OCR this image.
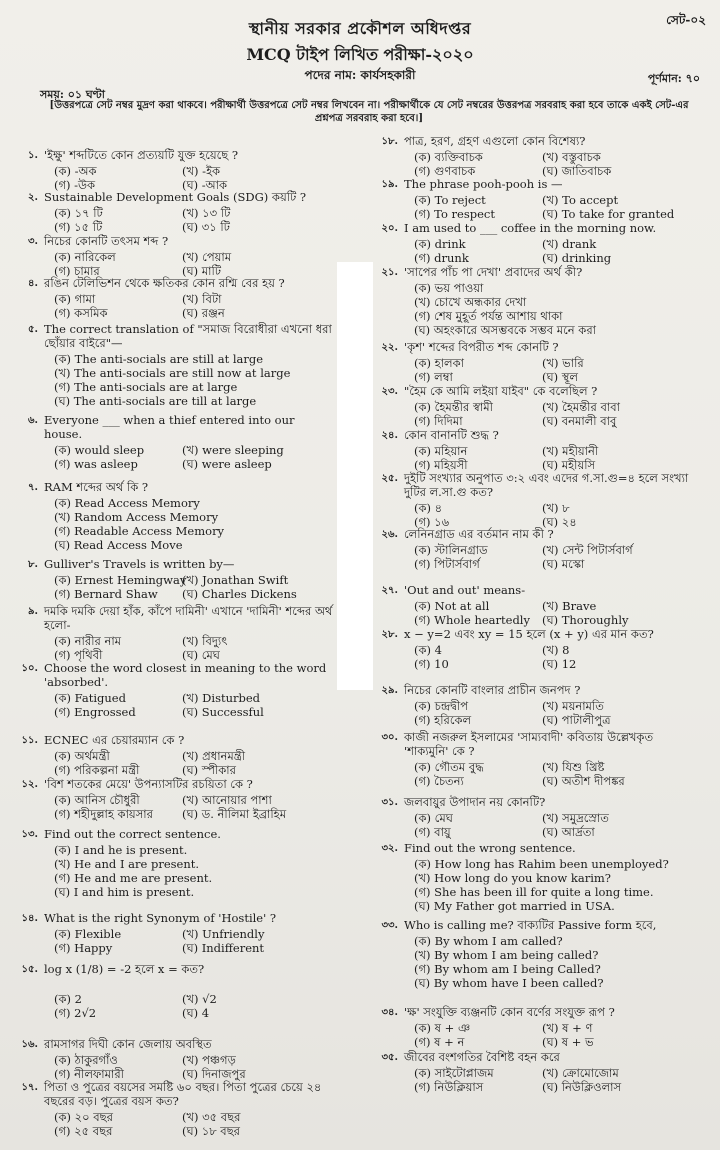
সেট-০২
স্থানীয় সরকার প্রকৌশল অধিদপ্তর
MCQ টাইপ লিখিত পরীক্ষা-২০২০
পদের নাম: কার্যসহকারী	পূর্ণমান: ৭০
সময়: ০১ ঘণ্টা
[উত্তরপত্রে সেট নম্বর মুদ্রণ করা থাকবে। পরীক্ষার্থী উত্তরপত্রে সেট নম্বর লিখবেন না। পরীক্ষার্থীকে যে সেট নম্বরের উত্তরপত্র সরবরাহ করা হবে তাকে একই সেট-এর প্রশ্নপত্র সরবরাহ করা হবে।]
১. 'ইক্ষু' শব্দটিতে কোন প্রত্যয়টি যুক্ত হয়েছে ?
(ক) -অক	(খ) -ইক
(গ) -উক	(ঘ) -আক
২. Sustainable Development Goals (SDG) কয়টি ?
(ক) ১৭ টি	(খ) ১৩ টি
(গ) ১৫ টি	(ঘ) ৩১ টি
৩. নিচের কোনটি তৎসম শব্দ ?
(ক) নারিকেল	(খ) পেয়াম
(গ) চামার	(ঘ) মাটি
৪. রঙিন টেলিভিশন থেকে ক্ষতিকর কোন রশ্মি বের হয় ?
(ক) গামা	(খ) বিটা
(গ) কসমিক	(ঘ) রঞ্জন
৫. The correct translation of "সমাজ বিরোধীরা এখনো ধরা ছোঁয়ার বাইরে"—
(ক) The anti-socials are still at large
(খ) The anti-socials are still now at large
(গ) The anti-socials are at large
(ঘ) The anti-socials are till at large
৬. Everyone ___ when a thief entered into our house.
(ক) would sleep	(খ) were sleeping
(গ) was asleep	(ঘ) were asleep
৭. RAM শব্দের অর্থ কি ?
(ক) Read Access Memory
(খ) Random Access Memory
(গ) Readable Access Memory
(ঘ) Read Access Move
৮. Gulliver's Travels is written by—
(ক) Ernest Hemingway
(খ) Jonathan Swift
(গ) Bernard Shaw (ঘ) Charles Dickens
৯. দমকি দমকি দেয়া হাঁক, কাঁপে দামিনী' এখানে 'দামিনী' শব্দের অর্থ হলো-
(ক) নারীর নাম	(খ) বিদ্যুৎ
(গ) পৃথিবী	(ঘ) মেঘ
১০. Choose the word closest in meaning to the word 'absorbed'.
(ক) Fatigued	(খ) Disturbed
(গ) Engrossed	(ঘ) Successful
১১. ECNEC এর চেয়ারম্যান কে ?
(ক) অর্থমন্ত্রী	(খ) প্রধানমন্ত্রী
(গ) পরিকল্পনা মন্ত্রী	(ঘ) স্পীকার
১২. 'বিশ শতকের মেয়ে' উপন্যাসটির রচয়িতা কে ?
(ক) আনিস চৌধুরী	(খ) আনোয়ার পাশা
(গ) শহীদুল্লাহ কায়সার	(ঘ) ড. নীলিমা ইব্রাহিম
১৩. Find out the correct sentence.
(ক) I and he is present.
(খ) He and I are present.
(গ) He and me are present.
(ঘ) I and him is present.
১৪. What is the right Synonym of 'Hostile' ?
(ক) Flexible	(খ) Unfriendly
(গ) Happy	(ঘ) Indifferent
১৫. log x (1/8) = -2 হলে x = কত?
(ক) 2	(খ) √2
(গ) 2√2	(ঘ) 4
১৬. রামসাগর দিঘী কোন জেলায় অবস্থিত
(ক) ঠাকুরগাঁও	(খ) পঞ্চগড়
(গ) নীলফামারী	(ঘ) দিনাজপুর
১৭. পিতা ও পুত্রের বয়সের সমষ্টি ৬০ বছর। পিতা পুত্রের চেয়ে ২৪ বছরের বড়। পুত্রের বয়স কত?
(ক) ২০ বছর	(খ) ৩৫ বছর
(গ) ২৫ বছর	(ঘ) ১৮ বছর
১৮. পাত্র, হরণ, গ্রহণ এগুলো কোন বিশেষ্য?
(ক) ব্যক্তিবাচক	(খ) বস্তুবাচক
(গ) গুণবাচক	(ঘ) জাতিবাচক
১৯. The phrase pooh-pooh is —
(ক) To reject	(খ) To accept
(গ) To respect	(ঘ) To take for granted
২০. I am used to ___ coffee in the morning now.
(ক) drink	(খ) drank
(গ) drunk	(ঘ) drinking
২১. 'সাপের পাঁচ পা দেখা' প্রবাদের অর্থ কী?
(ক) ভয় পাওয়া
(খ) চোখে অন্ধকার দেখা
(গ) শেষ মুহূর্ত পর্যন্ত আশায় থাকা
(ঘ) অহংকারে অসম্ভবকে সম্ভব মনে করা
২২. 'কৃশ' শব্দের বিপরীত শব্দ কোনটি ?
(ক) হালকা	(খ) ভারি
(গ) লম্বা	(ঘ) স্থূল
২৩. "হৈম কে আমি লইয়া যাইব" কে বলেছিল ?
(ক) হৈমন্তীর স্বামী	(খ) হৈমন্তীর বাবা
(গ) দিদিমা	(ঘ) বনমালী বাবু
২৪. কোন বানানটি শুদ্ধ ?
(ক) মহিয়ান	(খ) মহীয়ানী
(গ) মহিয়সী	(ঘ) মহীয়সি
২৫. দুইটি সংখ্যার অনুপাত ৩:২ এবং এদের গ.সা.গু=৪ হলে সংখ্যা দুটির ল.সা.গু কত?
(ক) ৪	(খ) ৮
(গ) ১৬	(ঘ) ২৪
২৬. লেনিনগ্রাড এর বর্তমান নাম কী ?
(ক) স্টালিনগ্রাড	(খ) সেন্ট পিটার্সবার্গ
(গ) পিটার্সবার্গ	(ঘ) মস্কো
২৭. 'Out and out' means-
(ক) Not at all	(খ) Brave
(গ) Whole heartedly (ঘ) Thoroughly
২৮. x − y=2 এবং xy = 15 হলে (x + y) এর মান কত?
(ক) 4	(খ) 8
(গ) 10	(ঘ) 12
২৯. নিচের কোনটি বাংলার প্রাচীন জনপদ ?
(ক) চন্দ্রদ্বীপ	(খ) ময়নামতি
(গ) হরিকেল	(ঘ) পাটালীপুত্র
৩০. কাজী নজরুল ইসলামের 'সাম্যবাদী' কবিতায় উল্লেখকৃত 'শাক্যমুনি' কে ?
(ক) গৌতম বুদ্ধ	(খ) যিশু খ্রিষ্ট
(গ) চৈতন্য	(ঘ) অতীশ দীপঙ্কর
৩১. জলবায়ুর উপাদান নয় কোনটি?
(ক) মেঘ	(খ) সমুদ্রস্রোত
(গ) বায়ু	(ঘ) আর্দ্রতা
৩২. Find out the wrong sentence.
(ক) How long has Rahim been unemployed?
(খ) How long do you know karim?
(গ) She has been ill for quite a long time.
(ঘ) My Father got married in USA.
৩৩. Who is calling me? বাক্যটির Passive form হবে,
(ক) By whom I am called?
(খ) By whom I am being called?
(গ) By whom am I being Called?
(ঘ) By whom have I been called?
৩৪. 'ক্ষ' সংযুক্তি ব্যঞ্জনটি কোন বর্ণের সংযুক্ত রূপ ?
(ক) ষ + ঞ	(খ) ষ + ণ
(গ) ষ + ন	(ঘ) ষ + ভ
৩৫. জীবের বংশগতির বৈশিষ্ট বহন করে
(ক) সাইটোপ্লাজম	(খ) ক্রোমোজোম
(গ) নিউক্লিয়াস	(ঘ) নিউক্লিওলাস
